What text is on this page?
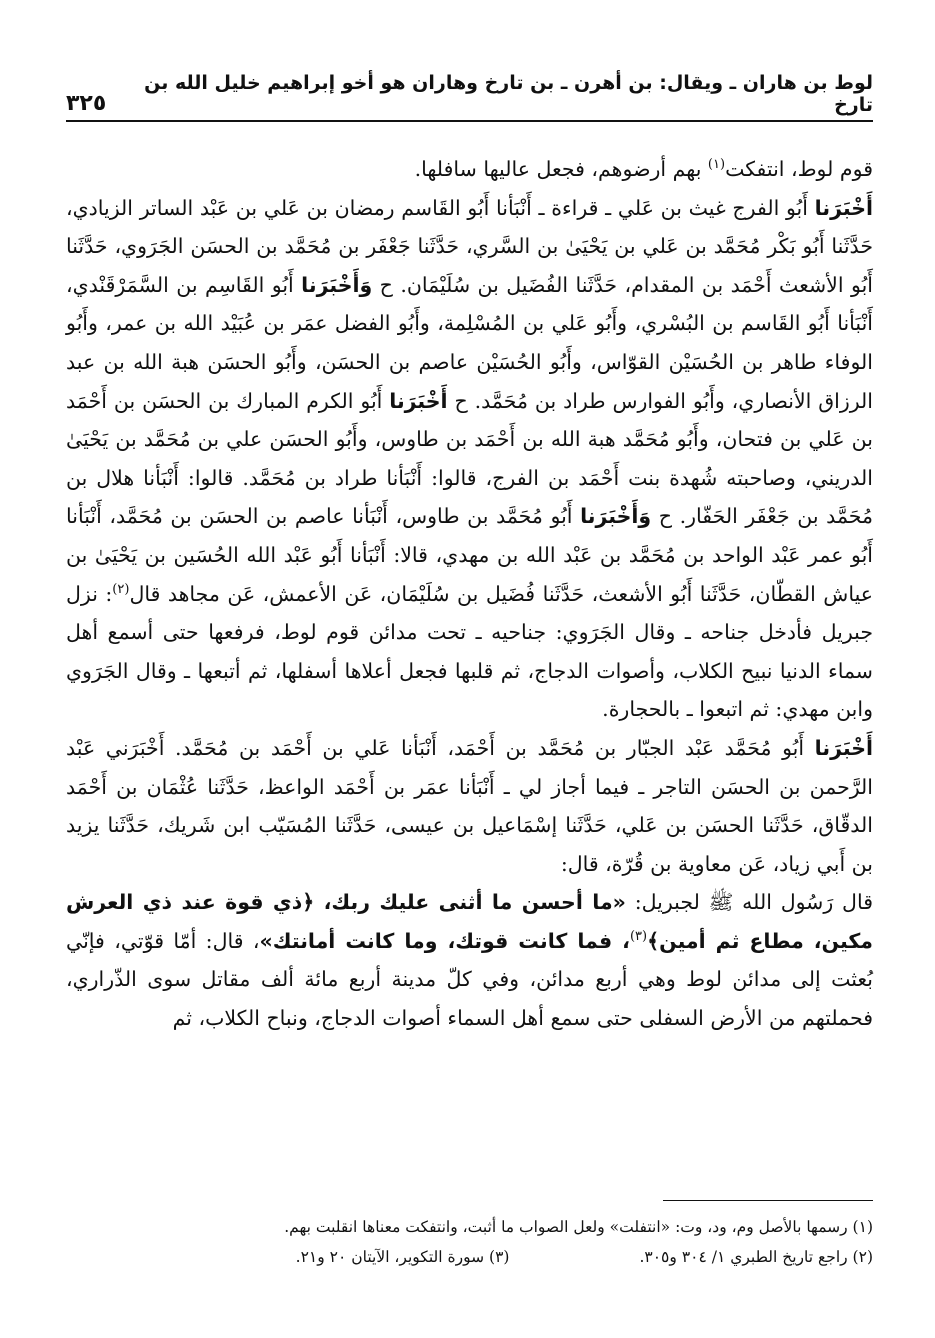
لوط بن هاران ـ ويقال: بن أهرن ـ بن تارخ وهاران هو أخو إبراهيم خليل الله بن تارخ
٣٢٥

قوم لوط، انتفكت$^{(١)}$ بهم أرضوهم، فجعل عاليها سافلها.

أَخْبَرَنا أَبُو الفرج غيث بن عَلي ـ قراءة ـ أَنْبَأنا أَبُو القَاسم رمضان بن عَلي بن عَبْد الساتر الزيادي، حَدَّثَنا أَبُو بَكْر مُحَمَّد بن عَلي بن يَحْيَىٰ بن السَّري، حَدَّثَنا جَعْفَر بن مُحَمَّد بن الحسَن الجَرَوي، حَدَّثَنا أَبُو الأشعث أَحْمَد بن المقدام، حَدَّثَنا الفُضَيل بن سُلَيْمَان. ح وَأَخْبَرَنا أَبُو القَاسِم بن السَّمَرْقَنْدي، أَنْبَأنا أَبُو القَاسم بن البُسْري، وأَبُو عَلي بن المُسْلِمة، وأَبُو الفضل عمَر بن عُبَيْد الله بن عمر، وأَبُو الوفاء طاهر بن الحُسَيْن القوّاس، وأَبُو الحُسَيْن عاصم بن الحسَن، وأَبُو الحسَن هبة الله بن عبد الرزاق الأنصاري، وأَبُو الفوارس طراد بن مُحَمَّد. ح أَخْبَرَنا أَبُو الكرم المبارك بن الحسَن بن أَحْمَد بن عَلي بن فتحان، وأَبُو مُحَمَّد هبة الله بن أَحْمَد بن طاوس، وأَبُو الحسَن علي بن مُحَمَّد بن يَحْيَىٰ الدريني، وصاحبته شُهدة بنت أَحْمَد بن الفرج، قالوا: أَنْبَأنا طراد بن مُحَمَّد. قالوا: أَنْبَأنا هلال بن مُحَمَّد بن جَعْفَر الحَفّار. ح وَأَخْبَرَنا أَبُو مُحَمَّد بن طاوس، أَنْبَأنا عاصم بن الحسَن بن مُحَمَّد، أَنْبَأنا أَبُو عمر عَبْد الواحد بن مُحَمَّد بن عَبْد الله بن مهدي، قالا: أَنْبَأنا أَبُو عَبْد الله الحُسَين بن يَحْيَىٰ بن عياش القطّان، حَدَّثَنا أَبُو الأشعث، حَدَّثَنا فُضَيل بن سُلَيْمَان، عَن الأعمش، عَن مجاهد قال$^{(٢)}$: نزل جبريل فأدخل جناحه ـ وقال الجَرَوي: جناحيه ـ تحت مدائن قوم لوط، فرفعها حتى أسمع أهل سماء الدنيا نبيح الكلاب، وأصوات الدجاج، ثم قلبها فجعل أعلاها أسفلها، ثم أتبعها ـ وقال الجَرَوي وابن مهدي: ثم اتبعوا ـ بالحجارة.

أَخْبَرَنا أَبُو مُحَمَّد عَبْد الجبّار بن مُحَمَّد بن أَحْمَد، أَنْبَأنا عَلي بن أَحْمَد بن مُحَمَّد. أَخْبَرَني عَبْد الرَّحمن بن الحسَن التاجر ـ فيما أجاز لي ـ أَنْبَأنا عمَر بن أَحْمَد الواعظ، حَدَّثَنا عُثْمَان بن أَحْمَد الدقّاق، حَدَّثَنا الحسَن بن عَلي، حَدَّثَنا إسْمَاعيل بن عيسى، حَدَّثَنا المُسَيّب ابن شَريك، حَدَّثَنا يزيد بن أَبي زياد، عَن معاوية بن قُرّة، قال:

قال رَسُول الله ﷺ لجبريل: «ما أحسن ما أثنى عليك ربك، ﴿ذي قوة عند ذي العرش مكين، مطاع ثم أمين﴾$^{(٣)}$، فما كانت قوتك، وما كانت أمانتك»، قال: أمّا قوّتي، فإنّي بُعثت إلى مدائن لوط وهي أربع مدائن، وفي كلّ مدينة أربع مائة ألف مقاتل سوى الذّراري، فحملتهم من الأرض السفلى حتى سمع أهل السماء أصوات الدجاج، ونباح الكلاب، ثم

(١) رسمها بالأصل وم، ود، وت: «انتفلت» ولعل الصواب ما أثبت، وانتفكت معناها انقلبت بهم.
(٢) راجع تاريخ الطبري ١/ ٣٠٤ و٣٠٥.
(٣) سورة التكوير، الآيتان ٢٠ و٢١.
